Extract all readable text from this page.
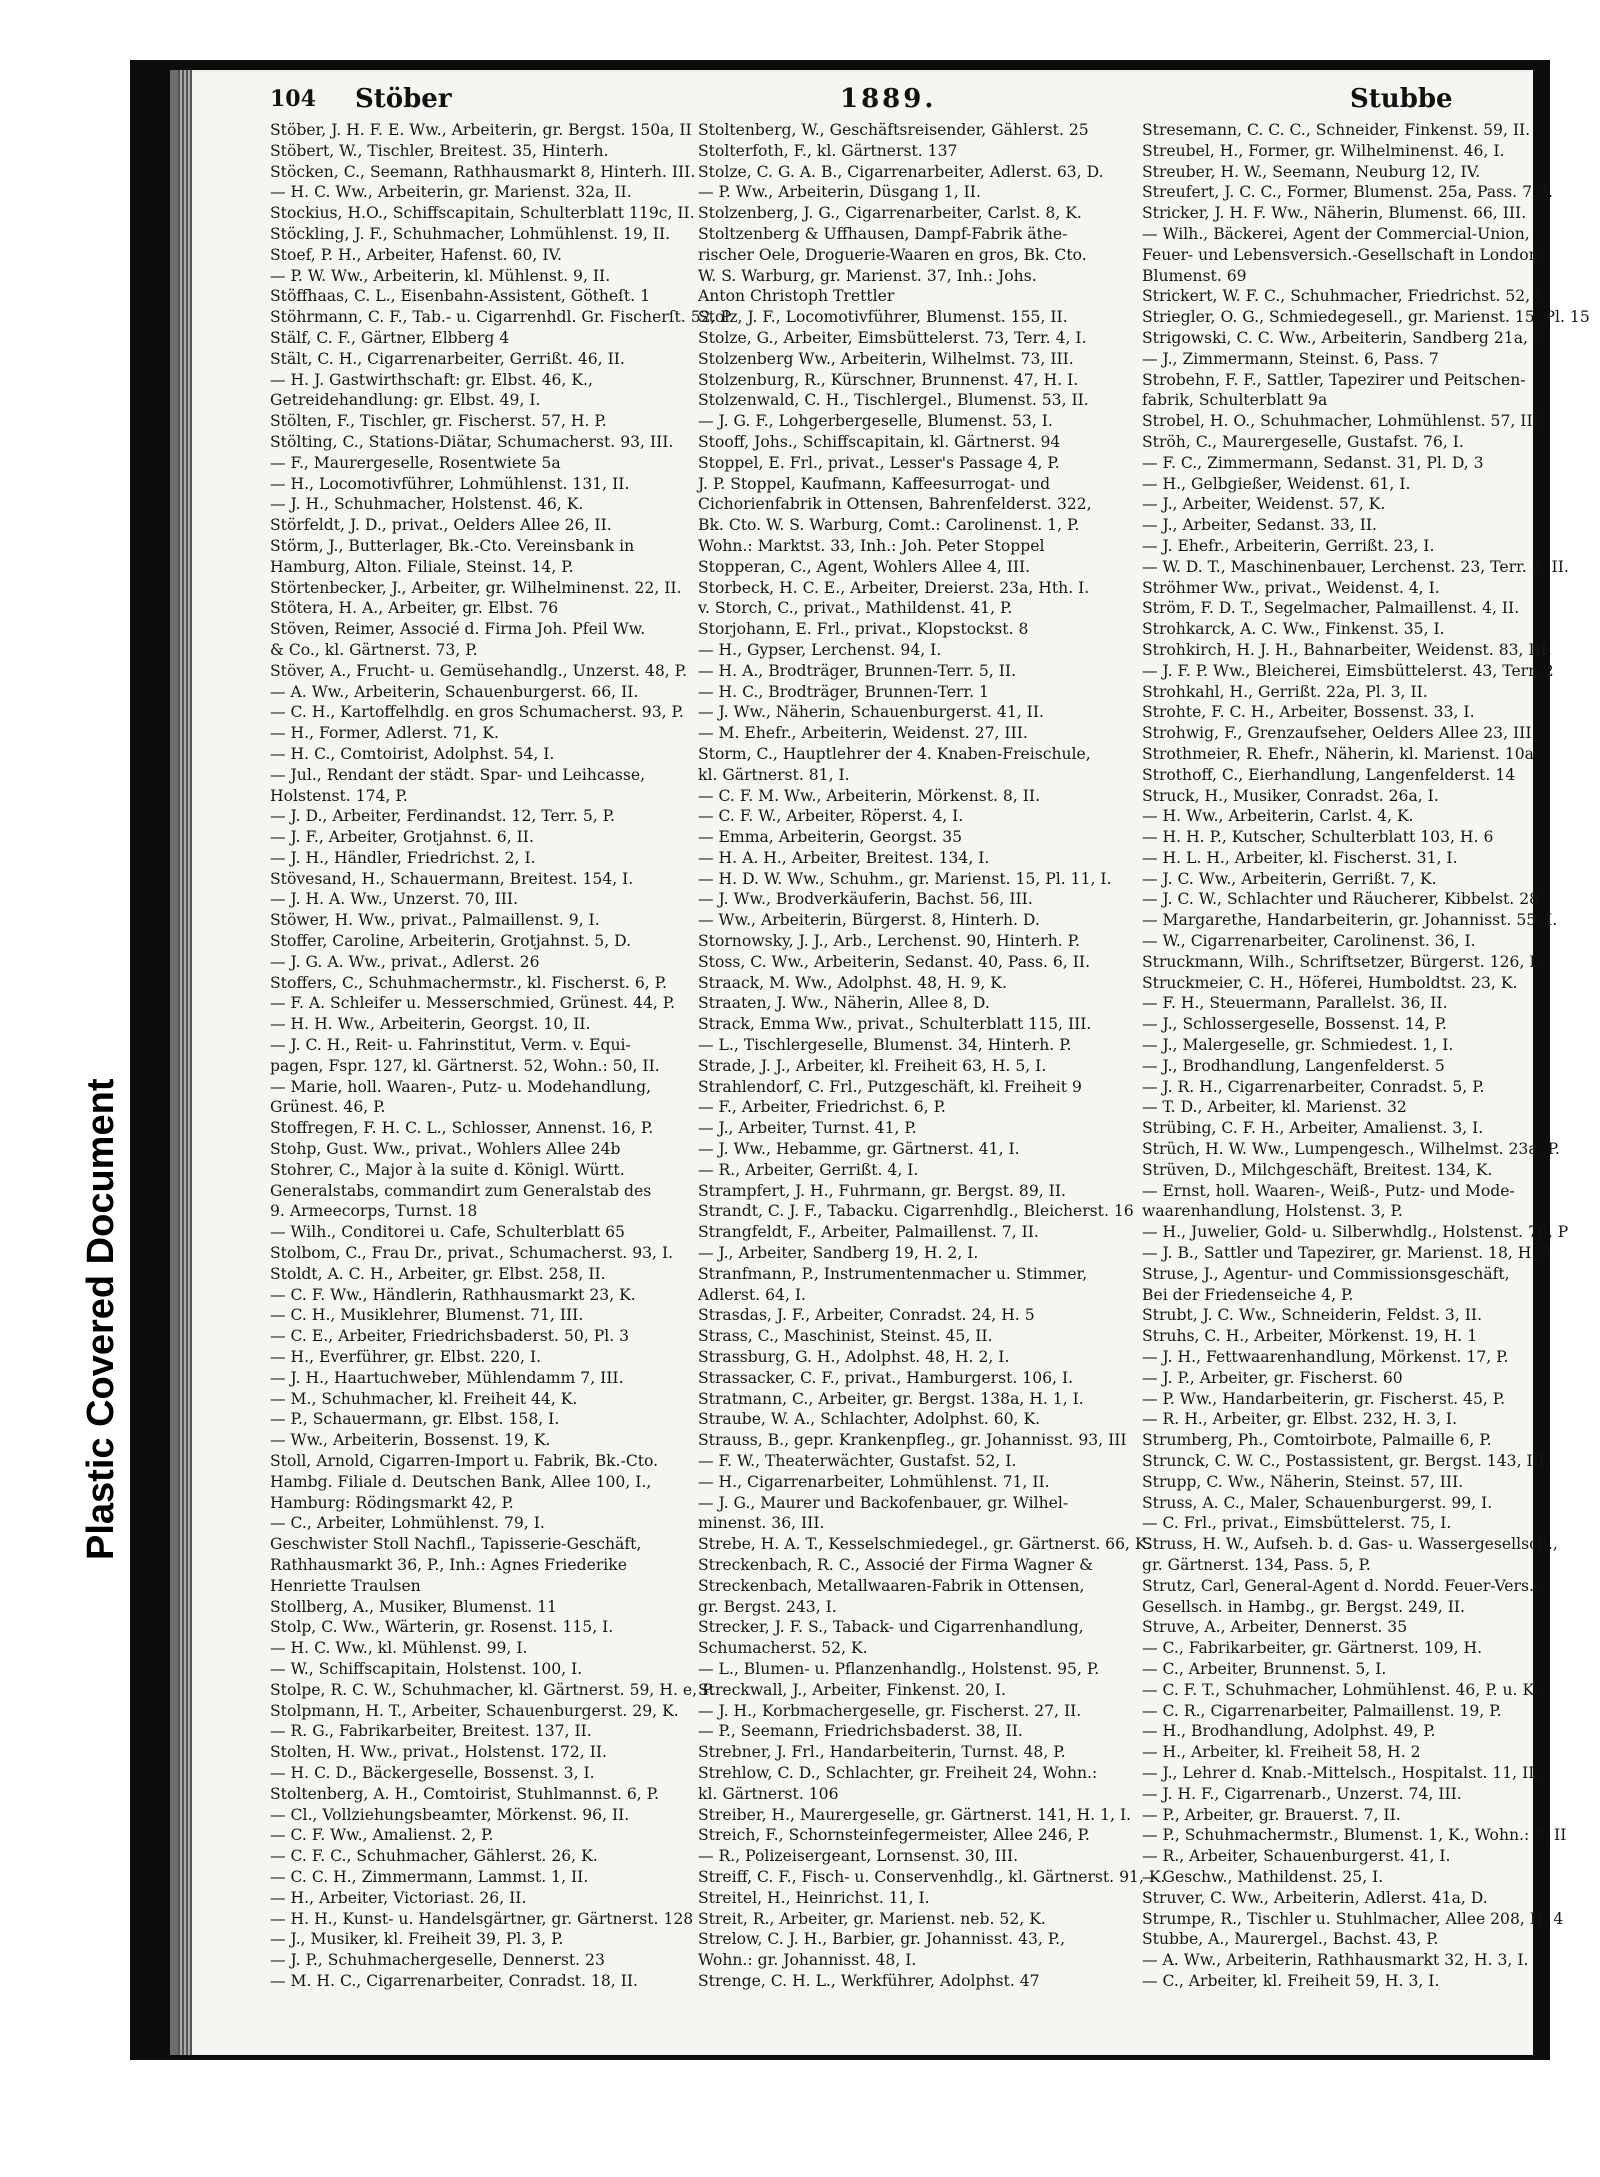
Plastic Covered Document
104 Stöber	1889.	Stubbe
Stöber, J. H. F. E. Ww., Arbeiterin, gr. Bergst. 150a, II
Stöbert, W., Tischler, Breitest. 35, Hinterh.
Stöcken, C., Seemann, Rathhausmarkt 8, Hinterh. III.
— H. C. Ww., Arbeiterin, gr. Marienst. 32a, II.
Stockius, H.O., Schiffscapitain, Schulterblatt 119c, II.
Stöckling, J. F., Schuhmacher, Lohmühlenst. 19, II.
Stoef, P. H., Arbeiter, Hafenst. 60, IV.
— P. W. Ww., Arbeiterin, kl. Mühlenst. 9, II.
Stöffhaas, C. L., Eisenbahn-Assistent, Götheſt. 1
Stöhrmann, C. F., Tab.- u. Cigarrenhdl. Gr. Fischerſt. 52, P
Stälf, C. F., Gärtner, Elbberg 4
Stält, C. H., Cigarrenarbeiter, Gerrißt. 46, II.
— H. J. Gastwirthschaft: gr. Elbst. 46, K.,
Getreidehandlung: gr. Elbst. 49, I.
Stölten, F., Tischler, gr. Fischerst. 57, H. P.
Stölting, C., Stations-Diätar, Schumacherst. 93, III.
— F., Maurergeselle, Rosentwiete 5a
— H., Locomotivführer, Lohmühlenst. 131, II.
— J. H., Schuhmacher, Holstenst. 46, K.
Störfeldt, J. D., privat., Oelders Allee 26, II.
Störm, J., Butterlager, Bk.-Cto. Vereinsbank in
Hamburg, Alton. Filiale, Steinst. 14, P.
Störtenbecker, J., Arbeiter, gr. Wilhelminenst. 22, II.
Stötera, H. A., Arbeiter, gr. Elbst. 76
Stöven, Reimer, Associé d. Firma Joh. Pfeil Ww.
& Co., kl. Gärtnerst. 73, P.
Stöver, A., Frucht- u. Gemüsehandlg., Unzerst. 48, P.
— A. Ww., Arbeiterin, Schauenburgerst. 66, II.
— C. H., Kartoffelhdlg. en gros Schumacherst. 93, P.
— H., Former, Adlerst. 71, K.
— H. C., Comtoirist, Adolphst. 54, I.
— Jul., Rendant der städt. Spar- und Leihcasse,
Holstenst. 174, P.
— J. D., Arbeiter, Ferdinandst. 12, Terr. 5, P.
— J. F., Arbeiter, Grotjahnst. 6, II.
— J. H., Händler, Friedrichst. 2, I.
Stövesand, H., Schauermann, Breitest. 154, I.
— J. H. A. Ww., Unzerst. 70, III.
Stöwer, H. Ww., privat., Palmaillenst. 9, I.
Stoffer, Caroline, Arbeiterin, Grotjahnst. 5, D.
— J. G. A. Ww., privat., Adlerst. 26
Stoffers, C., Schuhmachermstr., kl. Fischerst. 6, P.
— F. A. Schleifer u. Messerschmied, Grünest. 44, P.
— H. H. Ww., Arbeiterin, Georgst. 10, II.
— J. C. H., Reit- u. Fahrinstitut, Verm. v. Equi-
pagen, Fspr. 127, kl. Gärtnerst. 52, Wohn.: 50, II.
— Marie, holl. Waaren-, Putz- u. Modehandlung,
Grünest. 46, P.
Stoffregen, F. H. C. L., Schlosser, Annenst. 16, P.
Stohp, Gust. Ww., privat., Wohlers Allee 24b
Stohrer, C., Major à la suite d. Königl. Württ.
Generalstabs, commandirt zum Generalstab des
9. Armeecorps, Turnst. 18
— Wilh., Conditorei u. Cafe, Schulterblatt 65
Stolbom, C., Frau Dr., privat., Schumacherst. 93, I.
Stoldt, A. C. H., Arbeiter, gr. Elbst. 258, II.
— C. F. Ww., Händlerin, Rathhausmarkt 23, K.
— C. H., Musiklehrer, Blumenst. 71, III.
— C. E., Arbeiter, Friedrichsbaderst. 50, Pl. 3
— H., Everführer, gr. Elbst. 220, I.
— J. H., Haartuchweber, Mühlendamm 7, III.
— M., Schuhmacher, kl. Freiheit 44, K.
— P., Schauermann, gr. Elbst. 158, I.
— Ww., Arbeiterin, Bossenst. 19, K.
Stoll, Arnold, Cigarren-Import u. Fabrik, Bk.-Cto.
Hambg. Filiale d. Deutschen Bank, Allee 100, I.,
Hamburg: Rödingsmarkt 42, P.
— C., Arbeiter, Lohmühlenst. 79, I.
Geschwister Stoll Nachfl., Tapisserie-Geschäft,
Rathhausmarkt 36, P., Inh.: Agnes Friederike
Henriette Traulsen
Stollberg, A., Musiker, Blumenst. 11
Stolp, C. Ww., Wärterin, gr. Rosenst. 115, I.
— H. C. Ww., kl. Mühlenst. 99, I.
— W., Schiffscapitain, Holstenst. 100, I.
Stolpe, R. C. W., Schuhmacher, kl. Gärtnerst. 59, H. e, P.
Stolpmann, H. T., Arbeiter, Schauenburgerst. 29, K.
— R. G., Fabrikarbeiter, Breitest. 137, II.
Stolten, H. Ww., privat., Holstenst. 172, II.
— H. C. D., Bäckergeselle, Bossenst. 3, I.
Stoltenberg, A. H., Comtoirist, Stuhlmannst. 6, P.
— Cl., Vollziehungsbeamter, Mörkenst. 96, II.
— C. F. Ww., Amalienst. 2, P.
— C. F. C., Schuhmacher, Gählerst. 26, K.
— C. C. H., Zimmermann, Lammst. 1, II.
— H., Arbeiter, Victoriast. 26, II.
— H. H., Kunst- u. Handelsgärtner, gr. Gärtnerst. 128
— J., Musiker, kl. Freiheit 39, Pl. 3, P.
— J. P., Schuhmachergeselle, Dennerst. 23
— M. H. C., Cigarrenarbeiter, Conradst. 18, II.
Stoltenberg, W., Geschäftsreisender, Gählerst. 25
Stolterfoth, F., kl. Gärtnerst. 137
Stolze, C. G. A. B., Cigarrenarbeiter, Adlerst. 63, D.
— P. Ww., Arbeiterin, Düsgang 1, II.
Stolzenberg, J. G., Cigarrenarbeiter, Carlst. 8, K.
Stoltzenberg & Uffhausen, Dampf-Fabrik äthe-
rischer Oele, Droguerie-Waaren en gros, Bk. Cto.
W. S. Warburg, gr. Marienst. 37, Inh.: Johs.
Anton Christoph Trettler
Stolz, J. F., Locomotivführer, Blumenst. 155, II.
Stolze, G., Arbeiter, Eimsbüttelerst. 73, Terr. 4, I.
Stolzenberg Ww., Arbeiterin, Wilhelmst. 73, III.
Stolzenburg, R., Kürschner, Brunnenst. 47, H. I.
Stolzenwald, C. H., Tischlergel., Blumenst. 53, II.
— J. G. F., Lohgerbergeselle, Blumenst. 53, I.
Stooff, Johs., Schiffscapitain, kl. Gärtnerst. 94
Stoppel, E. Frl., privat., Lesser's Passage 4, P.
J. P. Stoppel, Kaufmann, Kaffeesurrogat- und
Cichorienfabrik in Ottensen, Bahrenfelderst. 322,
Bk. Cto. W. S. Warburg, Comt.: Carolinenst. 1, P.
Wohn.: Marktst. 33, Inh.: Joh. Peter Stoppel
Stopperan, C., Agent, Wohlers Allee 4, III.
Storbeck, H. C. E., Arbeiter, Dreierst. 23a, Hth. I.
v. Storch, C., privat., Mathildenst. 41, P.
Storjohann, E. Frl., privat., Klopstockst. 8
— H., Gypser, Lerchenst. 94, I.
— H. A., Brodträger, Brunnen-Terr. 5, II.
— H. C., Brodträger, Brunnen-Terr. 1
— J. Ww., Näherin, Schauenburgerst. 41, II.
— M. Ehefr., Arbeiterin, Weidenst. 27, III.
Storm, C., Hauptlehrer der 4. Knaben-Freischule,
kl. Gärtnerst. 81, I.
— C. F. M. Ww., Arbeiterin, Mörkenst. 8, II.
— C. F. W., Arbeiter, Röperst. 4, I.
— Emma, Arbeiterin, Georgst. 35
— H. A. H., Arbeiter, Breitest. 134, I.
— H. D. W. Ww., Schuhm., gr. Marienst. 15, Pl. 11, I.
— J. Ww., Brodverkäuferin, Bachst. 56, III.
— Ww., Arbeiterin, Bürgerst. 8, Hinterh. D.
Stornowsky, J. J., Arb., Lerchenst. 90, Hinterh. P.
Stoss, C. Ww., Arbeiterin, Sedanst. 40, Pass. 6, II.
Straack, M. Ww., Adolphst. 48, H. 9, K.
Straaten, J. Ww., Näherin, Allee 8, D.
Strack, Emma Ww., privat., Schulterblatt 115, III.
— L., Tischlergeselle, Blumenst. 34, Hinterh. P.
Strade, J. J., Arbeiter, kl. Freiheit 63, H. 5, I.
Strahlendorf, C. Frl., Putzgeschäft, kl. Freiheit 9
— F., Arbeiter, Friedrichst. 6, P.
— J., Arbeiter, Turnst. 41, P.
— J. Ww., Hebamme, gr. Gärtnerst. 41, I.
— R., Arbeiter, Gerrißt. 4, I.
Strampfert, J. H., Fuhrmann, gr. Bergst. 89, II.
Strandt, C. J. F., Tabacku. Cigarrenhdlg., Bleicherst. 16
Strangfeldt, F., Arbeiter, Palmaillenst. 7, II.
— J., Arbeiter, Sandberg 19, H. 2, I.
Stranfmann, P., Instrumentenmacher u. Stimmer,
Adlerst. 64, I.
Strasdas, J. F., Arbeiter, Conradst. 24, H. 5
Strass, C., Maschinist, Steinst. 45, II.
Strassburg, G. H., Adolphst. 48, H. 2, I.
Strassacker, C. F., privat., Hamburgerst. 106, I.
Stratmann, C., Arbeiter, gr. Bergst. 138a, H. 1, I.
Straube, W. A., Schlachter, Adolphst. 60, K.
Strauss, B., gepr. Krankenpfleg., gr. Johannisst. 93, III
— F. W., Theaterwächter, Gustafst. 52, I.
— H., Cigarrenarbeiter, Lohmühlenst. 71, II.
— J. G., Maurer und Backofenbauer, gr. Wilhel-
minenst. 36, III.
Strebe, H. A. T., Kesselschmiedegel., gr. Gärtnerst. 66, K.
Streckenbach, R. C., Associé der Firma Wagner &
Streckenbach, Metallwaaren-Fabrik in Ottensen,
gr. Bergst. 243, I.
Strecker, J. F. S., Taback- und Cigarrenhandlung,
Schumacherst. 52, K.
— L., Blumen- u. Pflanzenhandlg., Holstenst. 95, P.
Streckwall, J., Arbeiter, Finkenst. 20, I.
— J. H., Korbmachergeselle, gr. Fischerst. 27, II.
— P., Seemann, Friedrichsbaderst. 38, II.
Strebner, J. Frl., Handarbeiterin, Turnst. 48, P.
Strehlow, C. D., Schlachter, gr. Freiheit 24, Wohn.:
kl. Gärtnerst. 106
Streiber, H., Maurergeselle, gr. Gärtnerst. 141, H. 1, I.
Streich, F., Schornsteinfegermeister, Allee 246, P.
— R., Polizeisergeant, Lornsenst. 30, III.
Streiff, C. F., Fisch- u. Conservenhdlg., kl. Gärtnerst. 91, K.
Streitel, H., Heinrichst. 11, I.
Streit, R., Arbeiter, gr. Marienst. neb. 52, K.
Strelow, C. J. H., Barbier, gr. Johannisst. 43, P.,
Wohn.: gr. Johannisst. 48, I.
Strenge, C. H. L., Werkführer, Adolphst. 47
Stresemann, C. C. C., Schneider, Finkenst. 59, II.
Streubel, H., Former, gr. Wilhelminenst. 46, I.
Streuber, H. W., Seemann, Neuburg 12, IV.
Streufert, J. C. C., Former, Blumenst. 25a, Pass. 7, I.
Stricker, J. H. F. Ww., Näherin, Blumenst. 66, III.
— Wilh., Bäckerei, Agent der Commercial-Union,
Feuer- und Lebensversich.-Gesellschaft in London,
Blumenst. 69
Strickert, W. F. C., Schuhmacher, Friedrichst. 52, I.
Striegler, O. G., Schmiedegesell., gr. Marienst. 15, Pl. 15
Strigowski, C. C. Ww., Arbeiterin, Sandberg 21a, I.
— J., Zimmermann, Steinst. 6, Pass. 7
Strobehn, F. F., Sattler, Tapezirer und Peitschen-
fabrik, Schulterblatt 9a
Strobel, H. O., Schuhmacher, Lohmühlenst. 57, III.
Ströh, C., Maurergeselle, Gustafst. 76, I.
— F. C., Zimmermann, Sedanst. 31, Pl. D, 3
— H., Gelbgießer, Weidenst. 61, I.
— J., Arbeiter, Weidenst. 57, K.
— J., Arbeiter, Sedanst. 33, II.
— J. Ehefr., Arbeiterin, Gerrißt. 23, I.
— W. D. T., Maschinenbauer, Lerchenst. 23, Terr. 2, II.
Ströhmer Ww., privat., Weidenst. 4, I.
Ström, F. D. T., Segelmacher, Palmaillenst. 4, II.
Strohkarck, A. C. Ww., Finkenst. 35, I.
Strohkirch, H. J. H., Bahnarbeiter, Weidenst. 83, III.
— J. F. P. Ww., Bleicherei, Eimsbüttelerst. 43, Terr. 2
Strohkahl, H., Gerrißt. 22a, Pl. 3, II.
Strohte, F. C. H., Arbeiter, Bossenst. 33, I.
Strohwig, F., Grenzaufseher, Oelders Allee 23, III.
Strothmeier, R. Ehefr., Näherin, kl. Marienst. 10a
Strothoff, C., Eierhandlung, Langenfelderst. 14
Struck, H., Musiker, Conradst. 26a, I.
— H. Ww., Arbeiterin, Carlst. 4, K.
— H. H. P., Kutscher, Schulterblatt 103, H. 6
— H. L. H., Arbeiter, kl. Fischerst. 31, I.
— J. C. Ww., Arbeiterin, Gerrißt. 7, K.
— J. C. W., Schlachter und Räucherer, Kibbelst. 28
— Margarethe, Handarbeiterin, gr. Johannisst. 55, I.
— W., Cigarrenarbeiter, Carolinenst. 36, I.
Struckmann, Wilh., Schriftsetzer, Bürgerst. 126, I.
Struckmeier, C. H., Höferei, Humboldtst. 23, K.
— F. H., Steuermann, Parallelst. 36, II.
— J., Schlossergeselle, Bossenst. 14, P.
— J., Malergeselle, gr. Schmiedest. 1, I.
— J., Brodhandlung, Langenfelderst. 5
— J. R. H., Cigarrenarbeiter, Conradst. 5, P.
— T. D., Arbeiter, kl. Marienst. 32
Strübing, C. F. H., Arbeiter, Amalienst. 3, I.
Strüch, H. W. Ww., Lumpengesch., Wilhelmst. 23a, P.
Strüven, D., Milchgeschäft, Breitest. 134, K.
— Ernst, holl. Waaren-, Weiß-, Putz- und Mode-
waarenhandlung, Holstenst. 3, P.
— H., Juwelier, Gold- u. Silberwhdlg., Holstenst. 76, P
— J. B., Sattler und Tapezirer, gr. Marienst. 18, H. 5
Struse, J., Agentur- und Commissionsgeschäft,
Bei der Friedenseiche 4, P.
Strubt, J. C. Ww., Schneiderin, Feldst. 3, II.
Struhs, C. H., Arbeiter, Mörkenst. 19, H. 1
— J. H., Fettwaarenhandlung, Mörkenst. 17, P.
— J. P., Arbeiter, gr. Fischerst. 60
— P. Ww., Handarbeiterin, gr. Fischerst. 45, P.
— R. H., Arbeiter, gr. Elbst. 232, H. 3, I.
Strumberg, Ph., Comtoirbote, Palmaille 6, P.
Strunck, C. W. C., Postassistent, gr. Bergst. 143, III.
Strupp, C. Ww., Näherin, Steinst. 57, III.
Struss, A. C., Maler, Schauenburgerst. 99, I.
— C. Frl., privat., Eimsbüttelerst. 75, I.
Struss, H. W., Aufseh. b. d. Gas- u. Wassergesellsch.,
gr. Gärtnerst. 134, Pass. 5, P.
Strutz, Carl, General-Agent d. Nordd. Feuer-Vers.-
Gesellsch. in Hambg., gr. Bergst. 249, II.
Struve, A., Arbeiter, Dennerst. 35
— C., Fabrikarbeiter, gr. Gärtnerst. 109, H.
— C., Arbeiter, Brunnenst. 5, I.
— C. F. T., Schuhmacher, Lohmühlenst. 46, P. u. K.
— C. R., Cigarrenarbeiter, Palmaillenst. 19, P.
— H., Brodhandlung, Adolphst. 49, P.
— H., Arbeiter, kl. Freiheit 58, H. 2
— J., Lehrer d. Knab.-Mittelsch., Hospitalst. 11, II.
— J. H. F., Cigarrenarb., Unzerst. 74, III.
— P., Arbeiter, gr. Brauerst. 7, II.
— P., Schuhmachermstr., Blumenst. 1, K., Wohn.: 3, II
— R., Arbeiter, Schauenburgerst. 41, I.
— Geschw., Mathildenst. 25, I.
Struver, C. Ww., Arbeiterin, Adlerst. 41a, D.
Strumpe, R., Tischler u. Stuhlmacher, Allee 208, H. 4
Stubbe, A., Maurergel., Bachst. 43, P.
— A. Ww., Arbeiterin, Rathhausmarkt 32, H. 3, I.
— C., Arbeiter, kl. Freiheit 59, H. 3, I.
